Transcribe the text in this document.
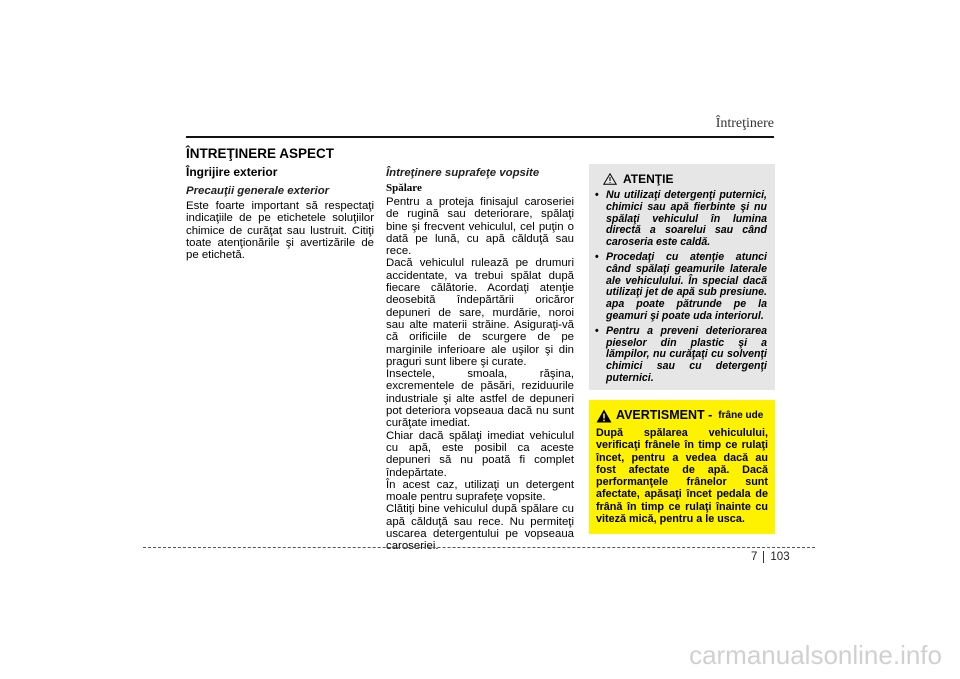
Întreţinere
ÎNTREŢINERE ASPECT
Îngrijire exterior
Precauţii generale exterior

Este foarte important să respectaţi indicaţiile de pe etichetele soluţiilor chimice de curăţat sau lustruit. Citiţi toate atenţionările şi avertizările de pe etichetă.

Întreţinere suprafeţe vopsite
Spălare

Pentru a proteja finisajul caroseriei de rugină sau deteriorare, spălaţi bine şi frecvent vehiculul, cel puţin o dată pe lună, cu apă călduţă sau rece.

Dacă vehiculul rulează pe drumuri accidentate, va trebui spălat după fiecare călătorie. Acordaţi atenţie deosebită îndepărtării oricăror depuneri de sare, murdărie, noroi sau alte materii străine. Asiguraţi-vă că orificiile de scurgere de pe marginile inferioare ale uşilor şi din praguri sunt libere şi curate.

Insectele, smoala, răşina, excrementele de păsări, reziduurile industriale şi alte astfel de depuneri pot deteriora vopseaua dacă nu sunt curăţate imediat.

Chiar dacă spălaţi imediat vehiculul cu apă, este posibil ca aceste depuneri să nu poată fi complet îndepărtate.

În acest caz, utilizaţi un detergent moale pentru suprafeţe vopsite.

Clătiţi bine vehiculul după spălare cu apă călduţă sau rece. Nu permiteţi uscarea detergentului pe vopseaua caroseriei.

ATENŢIE
• Nu utilizaţi detergenţi puternici, chimici sau apă fierbinte şi nu spălaţi vehiculul în lumina directă a soarelui sau când caroseria este caldă.
• Procedaţi cu atenţie atunci când spălaţi geamurile laterale ale vehiculului. În special dacă utilizaţi jet de apă sub presiune. apa poate pătrunde pe la geamuri şi poate uda interiorul.
• Pentru a preveni deteriorarea pieselor din plastic şi a lămpilor, nu curăţaţi cu solvenţi chimici sau cu detergenţi puternici.
AVERTISMENT - frâne ude

După spălarea vehiculului, verificaţi frânele în timp ce rulaţi încet, pentru a vedea dacă au fost afectate de apă. Dacă performanţele frânelor sunt afectate, apăsaţi încet pedala de frână în timp ce rulaţi înainte cu viteză mică, pentru a le usca.

7	103
carmanualsonline.info
